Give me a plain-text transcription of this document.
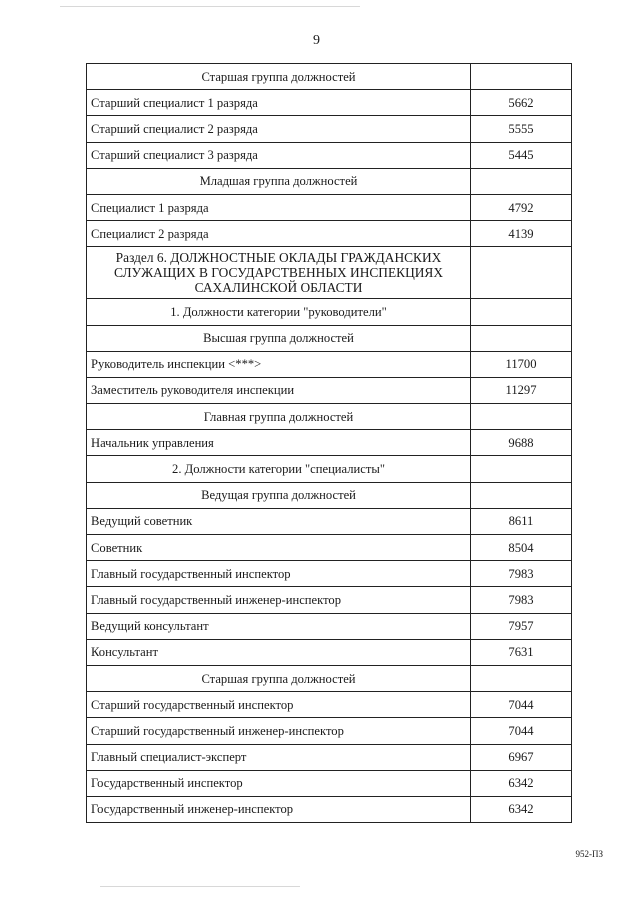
9
Старшая группа должностей	
Старший специалист 1 разряда	5662
Старший специалист 2 разряда	5555
Старший специалист 3 разряда	5445
Младшая группа должностей	
Специалист 1 разряда	4792
Специалист 2 разряда	4139
Раздел 6. ДОЛЖНОСТНЫЕ ОКЛАДЫ ГРАЖДАНСКИХ СЛУЖАЩИХ В ГОСУДАРСТВЕННЫХ ИНСПЕКЦИЯХ САХАЛИНСКОЙ ОБЛАСТИ	
1. Должности категории "руководители"	
Высшая группа должностей	
Руководитель инспекции <***>	11700
Заместитель руководителя инспекции	11297
Главная группа должностей	
Начальник управления	9688
2. Должности категории "специалисты"	
Ведущая группа должностей	
Ведущий советник	8611
Советник	8504
Главный государственный инспектор	7983
Главный государственный инженер-инспектор	7983
Ведущий консультант	7957
Консультант	7631
Старшая группа должностей	
Старший государственный инспектор	7044
Старший государственный инженер-инспектор	7044
Главный специалист-эксперт	6967
Государственный инспектор	6342
Государственный инженер-инспектор	6342
952-ПЗ
